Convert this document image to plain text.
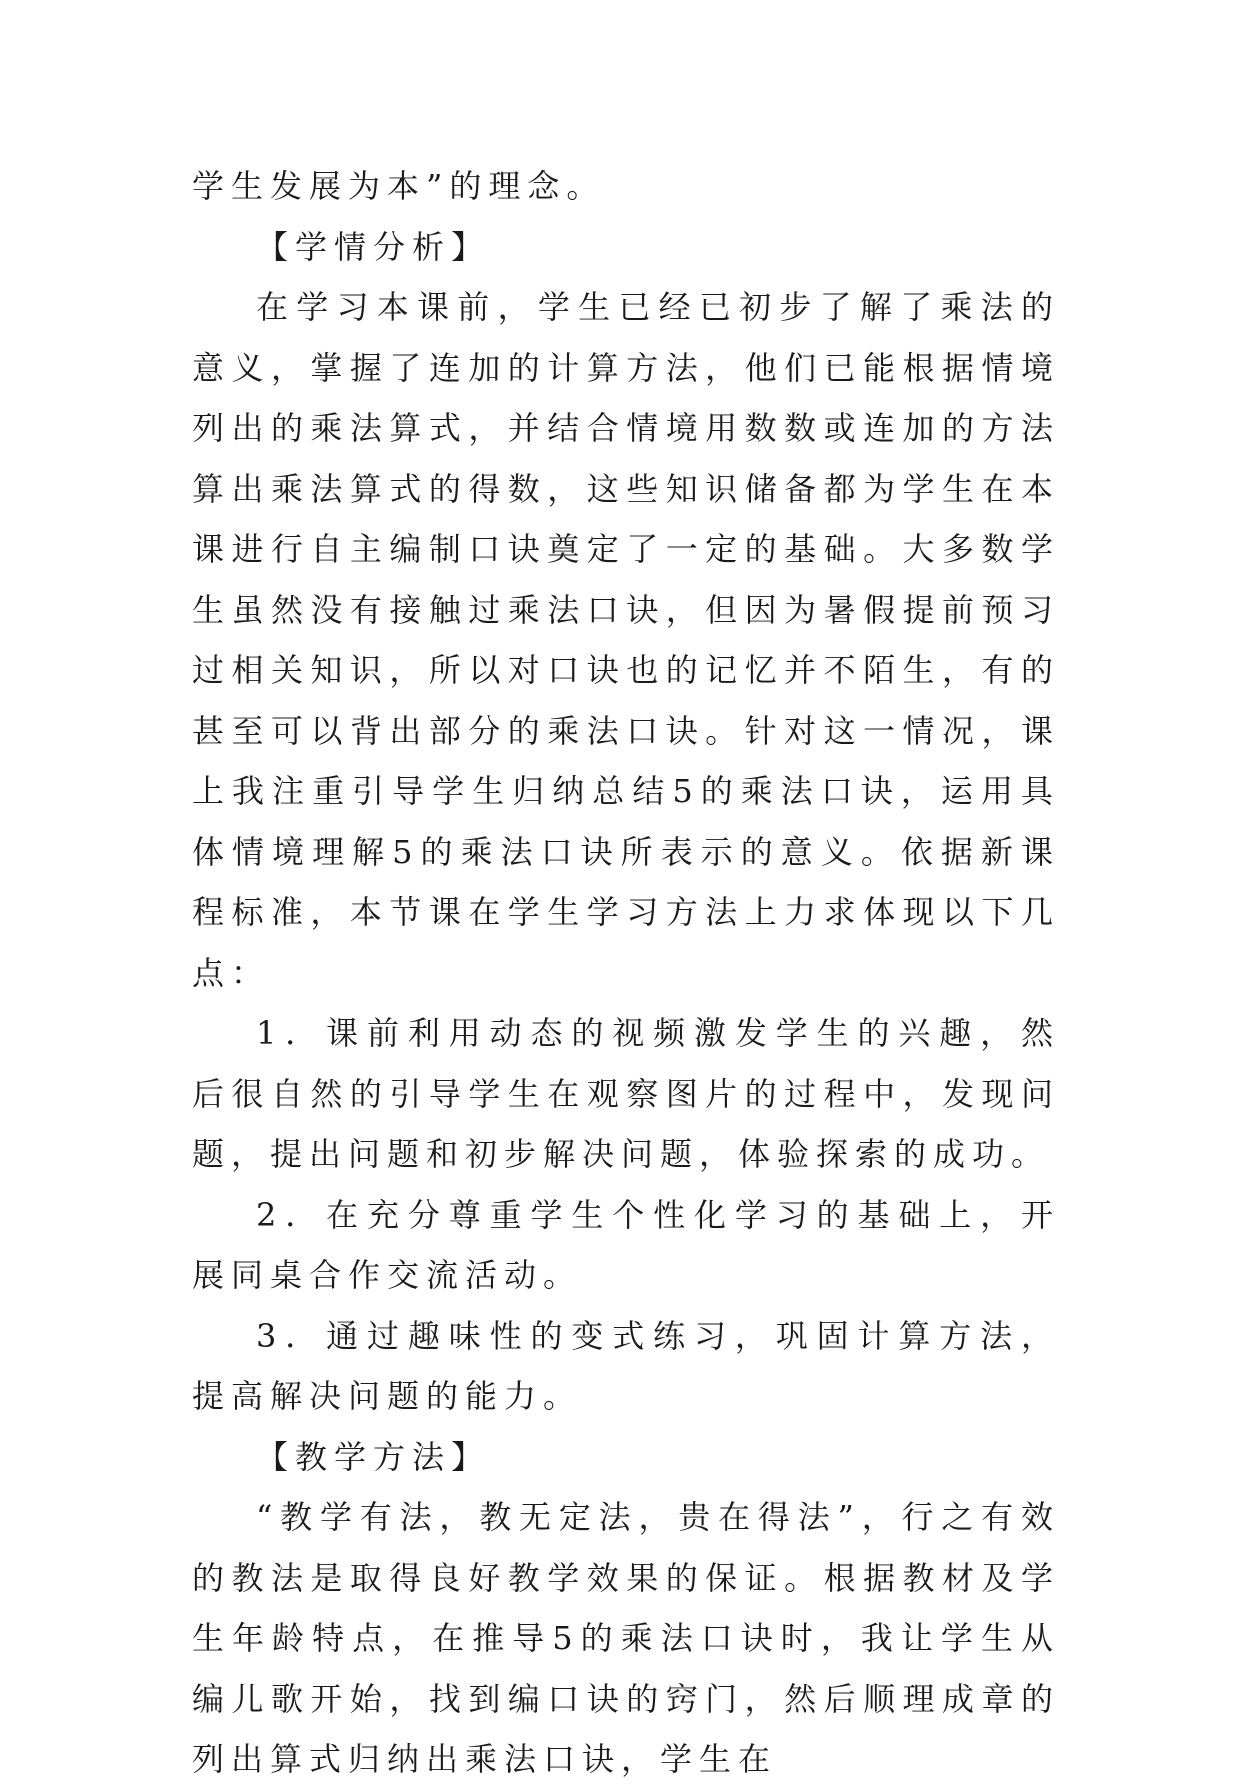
学生发展为本”的理念。

【学情分析】

在学习本课前，学生已经已初步了解了乘法的意义，掌握了连加的计算方法，他们已能根据情境列出的乘法算式，并结合情境用数数或连加的方法算出乘法算式的得数，这些知识储备都为学生在本课进行自主编制口诀奠定了一定的基础。大多数学生虽然没有接触过乘法口诀，但因为暑假提前预习过相关知识，所以对口诀也的记忆并不陌生，有的甚至可以背出部分的乘法口诀。针对这一情况，课上我注重引导学生归纳总结5的乘法口诀，运用具体情境理解5的乘法口诀所表示的意义。依据新课程标准，本节课在学生学习方法上力求体现以下几点：

1．课前利用动态的视频激发学生的兴趣，然后很自然的引导学生在观察图片的过程中，发现问题，提出问题和初步解决问题，体验探索的成功。

2．在充分尊重学生个性化学习的基础上，开展同桌合作交流活动。

3．通过趣味性的变式练习，巩固计算方法，提高解决问题的能力。

【教学方法】

“教学有法，教无定法，贵在得法”，行之有效的教法是取得良好教学效果的保证。根据教材及学生年龄特点，在推导5的乘法口诀时，我让学生从编儿歌开始，找到编口诀的窍门，然后顺理成章的列出算式归纳出乘法口诀，学生在
